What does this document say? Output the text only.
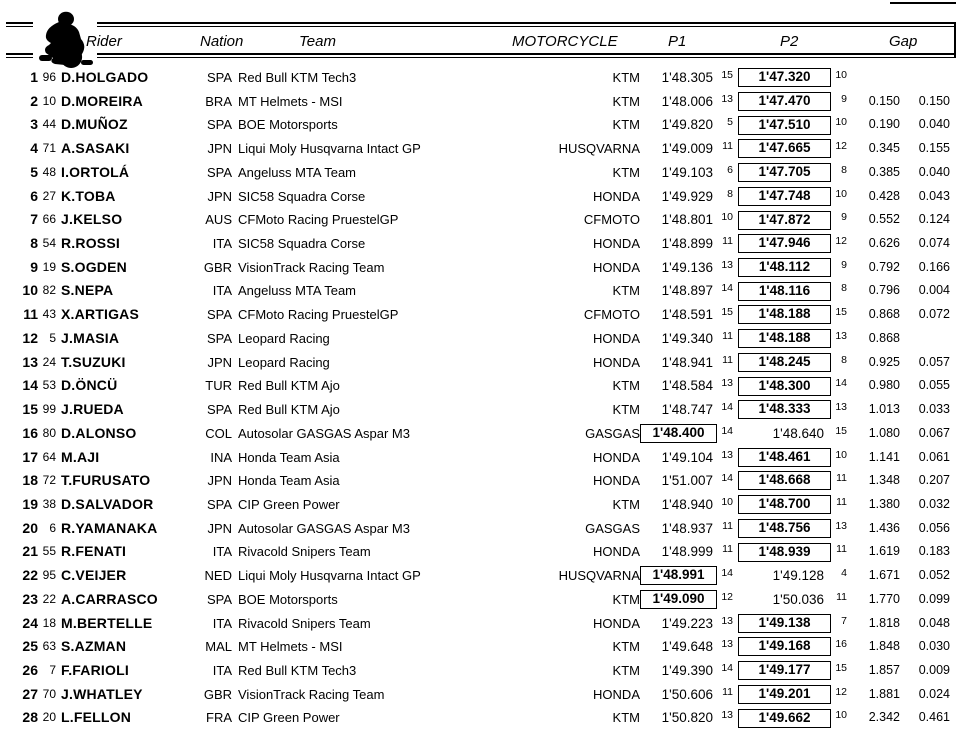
Rider	Nation	Team	MOTORCYCLE	P1	P2	Gap
1 96 D.HOLGADO	SPA Red Bull KTM Tech3	KTM	1'48.305 15	1'47.320	10
2 10 D.MOREIRA	BRA MT Helmets - MSI	KTM	1'48.006 13	1'47.470	9	0.150	0.150
3 44 D.MUÑOZ	SPA BOE Motorsports	KTM	1'49.820	5	1'47.510	10	0.190	0.040
4 71 A.SASAKI	JPN Liqui Moly Husqvarna Intact GP	HUSQVARNA	1'49.009 11	1'47.665	12	0.345	0.155
5 48 I.ORTOLÁ	SPA Angeluss MTA Team	KTM	1'49.103	6	1'47.705	8	0.385	0.040
6 27 K.TOBA	JPN SIC58 Squadra Corse	HONDA	1'49.929	8	1'47.748	10	0.428	0.043
7 66 J.KELSO	AUS CFMoto Racing PruestelGP	CFMOTO	1'48.801 10	1'47.872	9	0.552	0.124
8 54 R.ROSSI	ITA SIC58 Squadra Corse	HONDA	1'48.899 11	1'47.946	12	0.626	0.074
9 19 S.OGDEN	GBR VisionTrack Racing Team	HONDA	1'49.136 13	1'48.112	9	0.792	0.166
10 82 S.NEPA	ITA Angeluss MTA Team	KTM	1'48.897 14	1'48.116	8	0.796	0.004
11 43 X.ARTIGAS	SPA CFMoto Racing PruestelGP	CFMOTO	1'48.591 15	1'48.188	15	0.868	0.072
12 5 J.MASIA	SPA Leopard Racing	HONDA	1'49.340 11	1'48.188	13	0.868
13 24 T.SUZUKI	JPN Leopard Racing	HONDA	1'48.941 11	1'48.245	8	0.925	0.057
14 53 D.ÖNCÜ	TUR Red Bull KTM Ajo	KTM	1'48.584 13	1'48.300	14	0.980	0.055
15 99 J.RUEDA	SPA Red Bull KTM Ajo	KTM	1'48.747 14	1'48.333	13	1.013	0.033
16 80 D.ALONSO	COL Autosolar GASGAS Aspar M3	GASGAS 1'48.400	14	1'48.640	15	1.080	0.067
17 64 M.AJI	INA Honda Team Asia	HONDA	1'49.104 13	1'48.461	10	1.141	0.061
18 72 T.FURUSATO	JPN Honda Team Asia	HONDA	1'51.007 14	1'48.668	11	1.348	0.207
19 38 D.SALVADOR	SPA CIP Green Power	KTM	1'48.940 10	1'48.700	11	1.380	0.032
20 6 R.YAMANAKA	JPN Autosolar GASGAS Aspar M3	GASGAS	1'48.937 11	1'48.756	13	1.436	0.056
21 55 R.FENATI	ITA Rivacold Snipers Team	HONDA	1'48.999 11	1'48.939	11	1.619	0.183
22 95 C.VEIJER	NED Liqui Moly Husqvarna Intact GP	HUSQVARNA 1'48.991	14	1'49.128	4	1.671	0.052
23 22 A.CARRASCO	SPA BOE Motorsports	KTM 1'49.090	12	1'50.036	11	1.770	0.099
24 18 M.BERTELLE	ITA Rivacold Snipers Team	HONDA	1'49.223 13	1'49.138	7	1.818	0.048
25 63 S.AZMAN	MAL MT Helmets - MSI	KTM	1'49.648 13	1'49.168	16	1.848	0.030
26 7 F.FARIOLI	ITA Red Bull KTM Tech3	KTM	1'49.390 14	1'49.177	15	1.857	0.009
27 70 J.WHATLEY	GBR VisionTrack Racing Team	HONDA	1'50.606 11	1'49.201	12	1.881	0.024
28 20 L.FELLON	FRA CIP Green Power	KTM	1'50.820 13	1'49.662	10	2.342	0.461
